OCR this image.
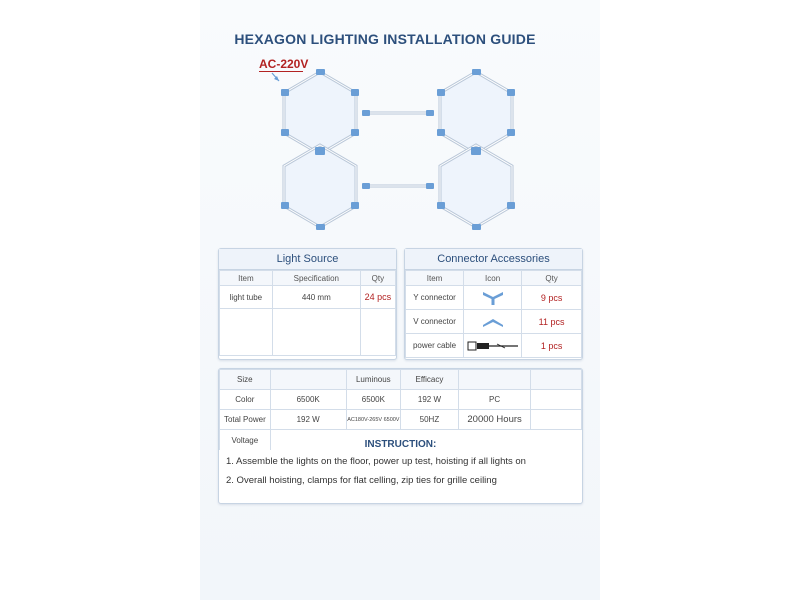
HEXAGON LIGHTING INSTALLATION GUIDE
AC-220V
Light Source
Item	Specification	Qty
light tube	440 mm	24 pcs

Connector Accessories
Item	Icon	Qty
Y connector		9 pcs
V connector		11 pcs
power cable		1 pcs
Size		Luminous	Efficacy		
Color	6500K	6500K	192 W	PC	
Total Power	192 W	AC180V-265V 6500V	50HZ	20000 Hours	
Voltage						INSTRUCTION:
1. Assemble the lights on the floor, power up test, hoisting if all lights on
2. Overall hoisting, clamps for flat celling, zip ties for grille ceiling
